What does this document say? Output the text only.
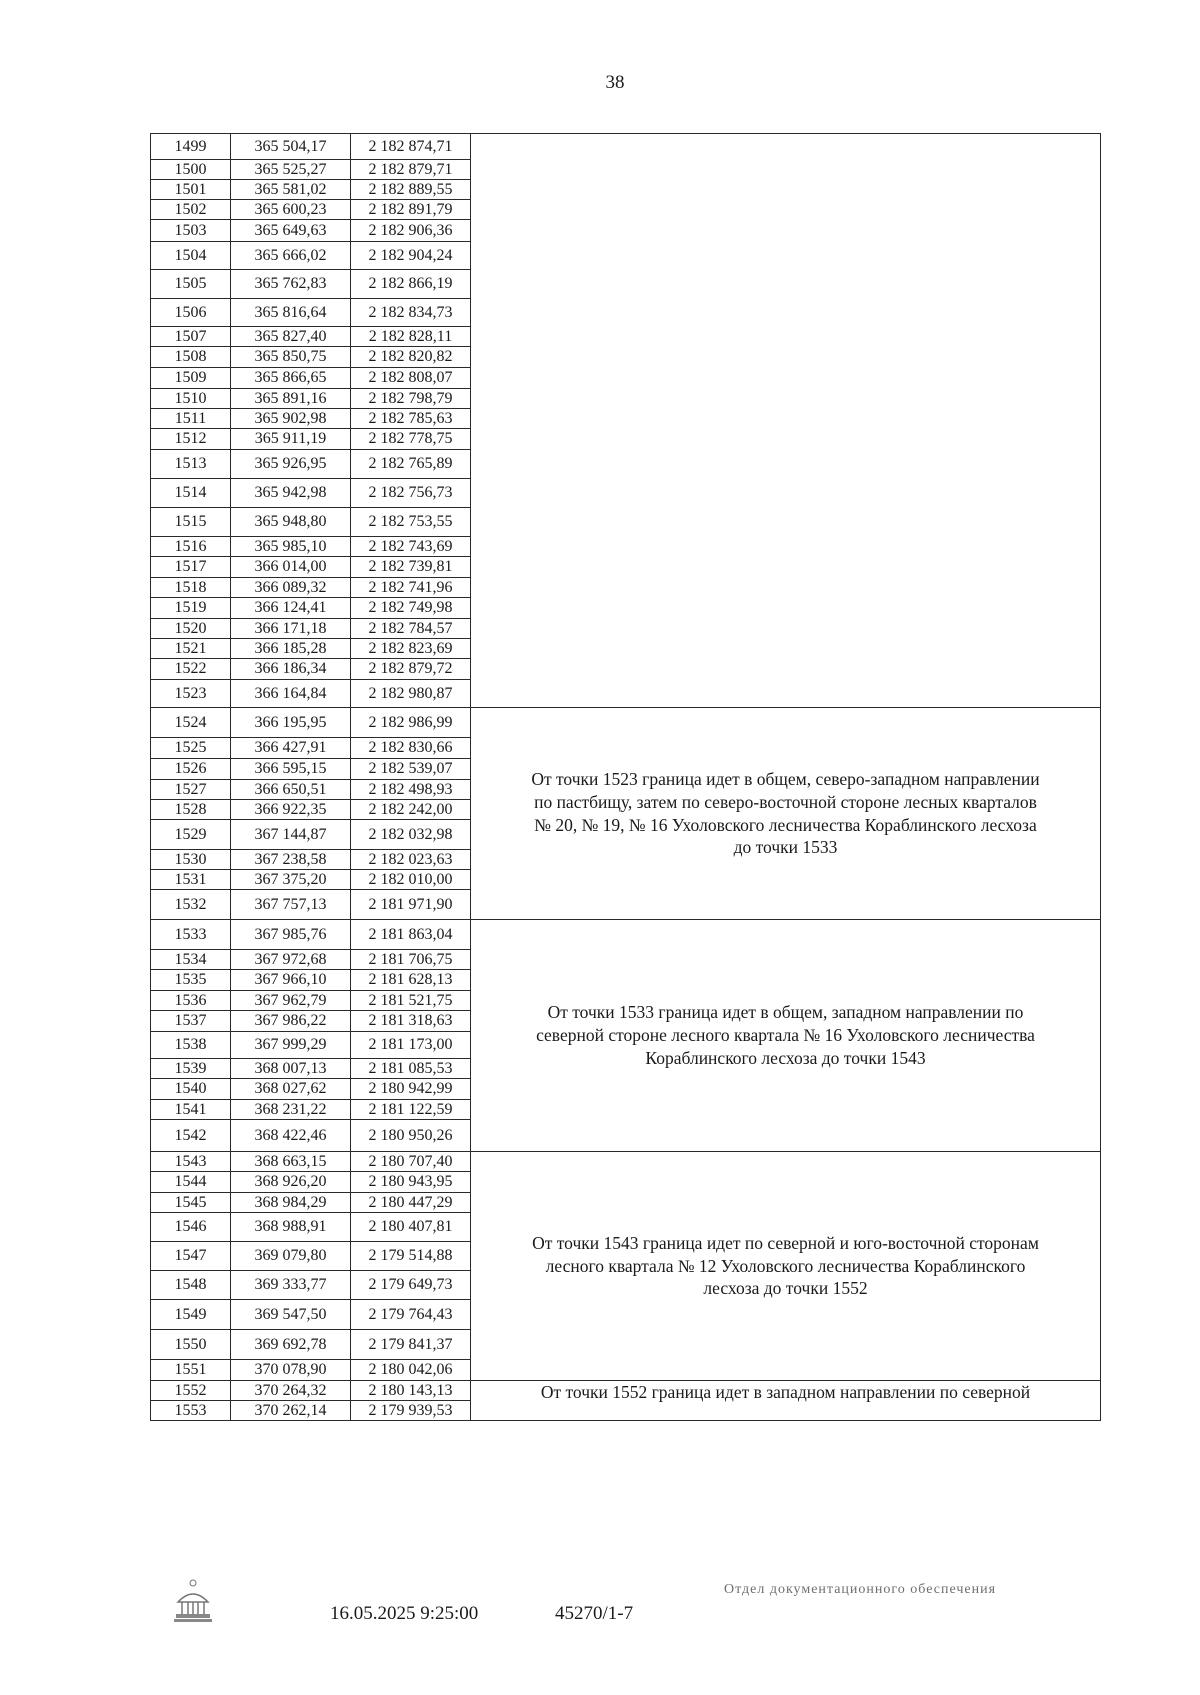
38
1499	365 504,17	2 182 874,71	
1500	365 525,27	2 182 879,71	
1501	365 581,02	2 182 889,55	
1502	365 600,23	2 182 891,79	
1503	365 649,63	2 182 906,36	
1504	365 666,02	2 182 904,24	
1505	365 762,83	2 182 866,19	
1506	365 816,64	2 182 834,73	
1507	365 827,40	2 182 828,11	
1508	365 850,75	2 182 820,82	
1509	365 866,65	2 182 808,07	
1510	365 891,16	2 182 798,79	
1511	365 902,98	2 182 785,63	
1512	365 911,19	2 182 778,75	
1513	365 926,95	2 182 765,89	
1514	365 942,98	2 182 756,73	
1515	365 948,80	2 182 753,55	
1516	365 985,10	2 182 743,69	
1517	366 014,00	2 182 739,81	
1518	366 089,32	2 182 741,96	
1519	366 124,41	2 182 749,98	
1520	366 171,18	2 182 784,57	
1521	366 185,28	2 182 823,69	
1522	366 186,34	2 182 879,72	
1523	366 164,84	2 182 980,87	
1524	366 195,95	2 182 986,99	От точки 1523 граница идет в общем, северо-западном направлении
по пастбищу, затем по северо-восточной стороне лесных кварталов
№ 20, № 19, № 16 Ухоловского лесничества Кораблинского лесхоза
до точки 1533
1525	366 427,91	2 182 830,66	
1526	366 595,15	2 182 539,07	
1527	366 650,51	2 182 498,93	
1528	366 922,35	2 182 242,00	
1529	367 144,87	2 182 032,98	
1530	367 238,58	2 182 023,63	
1531	367 375,20	2 182 010,00	
1532	367 757,13	2 181 971,90	
1533	367 985,76	2 181 863,04	От точки 1533 граница идет в общем, западном направлении по
северной стороне лесного квартала № 16 Ухоловского лесничества
Кораблинского лесхоза до точки 1543
1534	367 972,68	2 181 706,75	
1535	367 966,10	2 181 628,13	
1536	367 962,79	2 181 521,75	
1537	367 986,22	2 181 318,63	
1538	367 999,29	2 181 173,00	
1539	368 007,13	2 181 085,53	
1540	368 027,62	2 180 942,99	
1541	368 231,22	2 181 122,59	
1542	368 422,46	2 180 950,26	
1543	368 663,15	2 180 707,40	От точки 1543 граница идет по северной и юго-восточной сторонам
лесного квартала № 12 Ухоловского лесничества Кораблинского
лесхоза до точки 1552
1544	368 926,20	2 180 943,95	
1545	368 984,29	2 180 447,29	
1546	368 988,91	2 180 407,81	
1547	369 079,80	2 179 514,88	
1548	369 333,77	2 179 649,73	
1549	369 547,50	2 179 764,43	
1550	369 692,78	2 179 841,37	
1551	370 078,90	2 180 042,06	
1552	370 264,32	2 180 143,13	От точки 1552 граница идет в западном направлении по северной
1553	370 262,14	2 179 939,53	
16.05.2025 9:25:00	45270/1-7
Отдел документационного обеспечения
